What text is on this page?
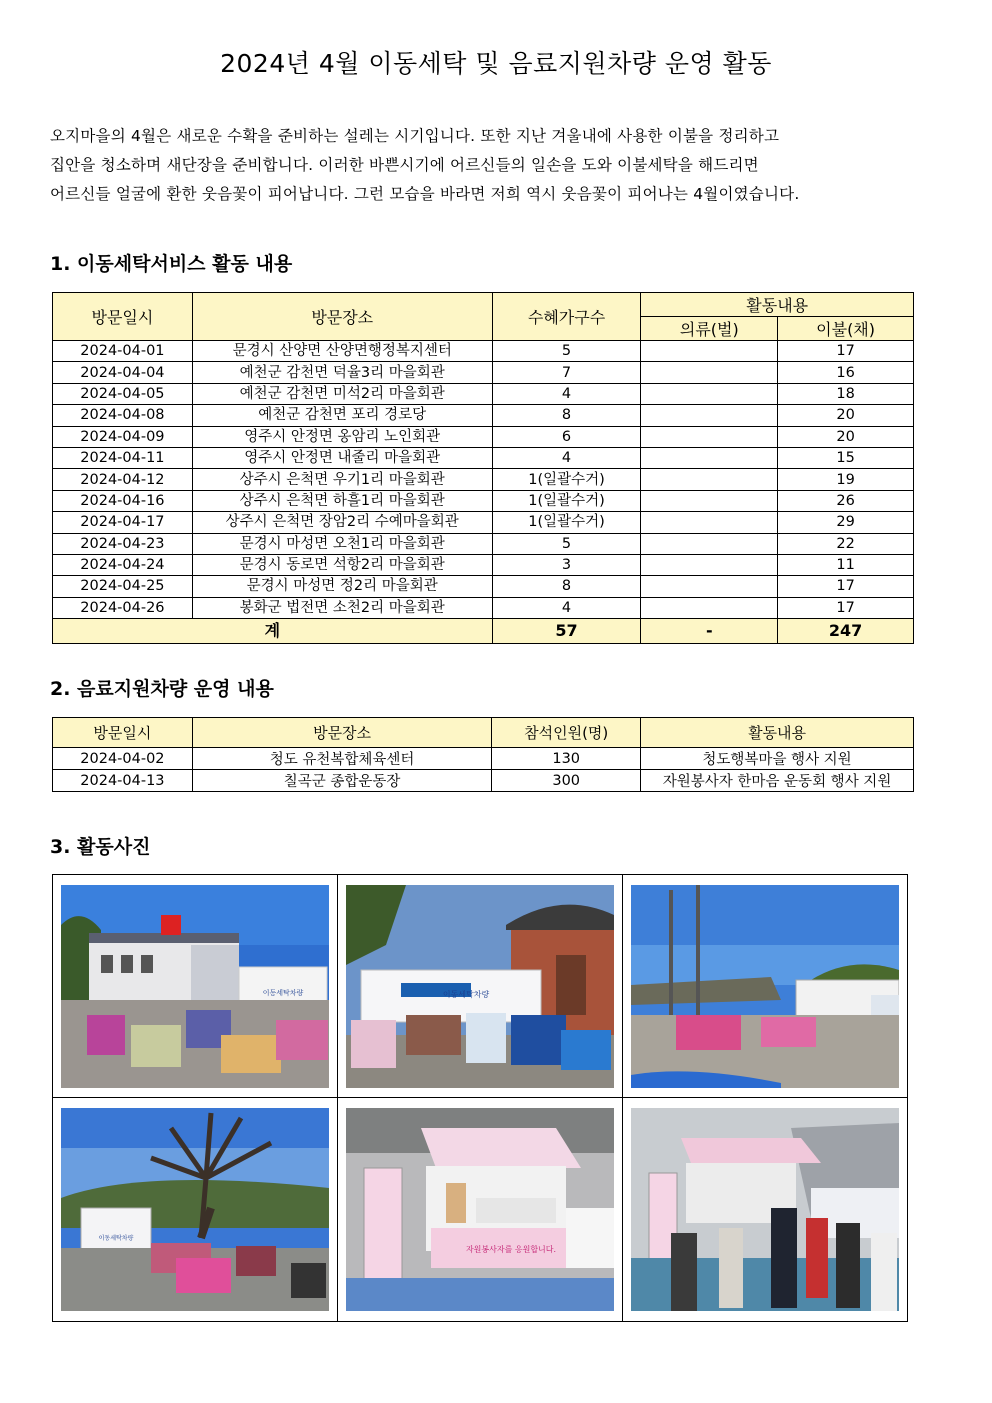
2024년 4월 이동세탁 및 음료지원차량 운영 활동

오지마을의 4월은 새로운 수확을 준비하는 설레는 시기입니다. 또한 지난 겨울내에 사용한 이불을 정리하고

집안을 청소하며 새단장을 준비합니다. 이러한 바쁜시기에 어르신들의 일손을 도와 이불세탁을 해드리면

어르신들 얼굴에 환한 웃음꽃이 피어납니다. 그런 모습을 바라면 저희 역시 웃음꽃이 피어나는 4월이였습니다.

1. 이동세탁서비스 활동 내용
방문일시	방문장소	수혜가구수	활동내용	
			의류(벌)	이불(채)
2024-04-01	문경시 산양면 산양면행정복지센터	5		17
2024-04-04	예천군 감천면 덕율3리 마을회관	7		16
2024-04-05	예천군 감천면 미석2리 마을회관	4		18
2024-04-08	예천군 감천면 포리 경로당	8		20
2024-04-09	영주시 안정면 옹암리 노인회관	6		20
2024-04-11	영주시 안정면 내줄리 마을회관	4		15
2024-04-12	상주시 은척면 우기1리 마을회관	1(일괄수거)		19
2024-04-16	상주시 은척면 하흘1리 마을회관	1(일괄수거)		26
2024-04-17	상주시 은척면 장암2리 수예마을회관	1(일괄수거)		29
2024-04-23	문경시 마성면 오천1리 마을회관	5		22
2024-04-24	문경시 동로면 석항2리 마을회관	3		11
2024-04-25	문경시 마성면 정2리 마을회관	8		17
2024-04-26	봉화군 법전면 소천2리 마을회관	4		17
계		57	-	247
2. 음료지원차량 운영 내용
방문일시	방문장소	참석인원(명)	활동내용
2024-04-02	청도 유천복합체육센터	130	청도행복마을 행사 지원
2024-04-13	칠곡군 종합운동장	300	자원봉사자 한마음 운동회 행사 지원
3. 활동사진
이동세탁차량	이동세탁차량
이동세탁차량
자원봉사자를 응원합니다.
